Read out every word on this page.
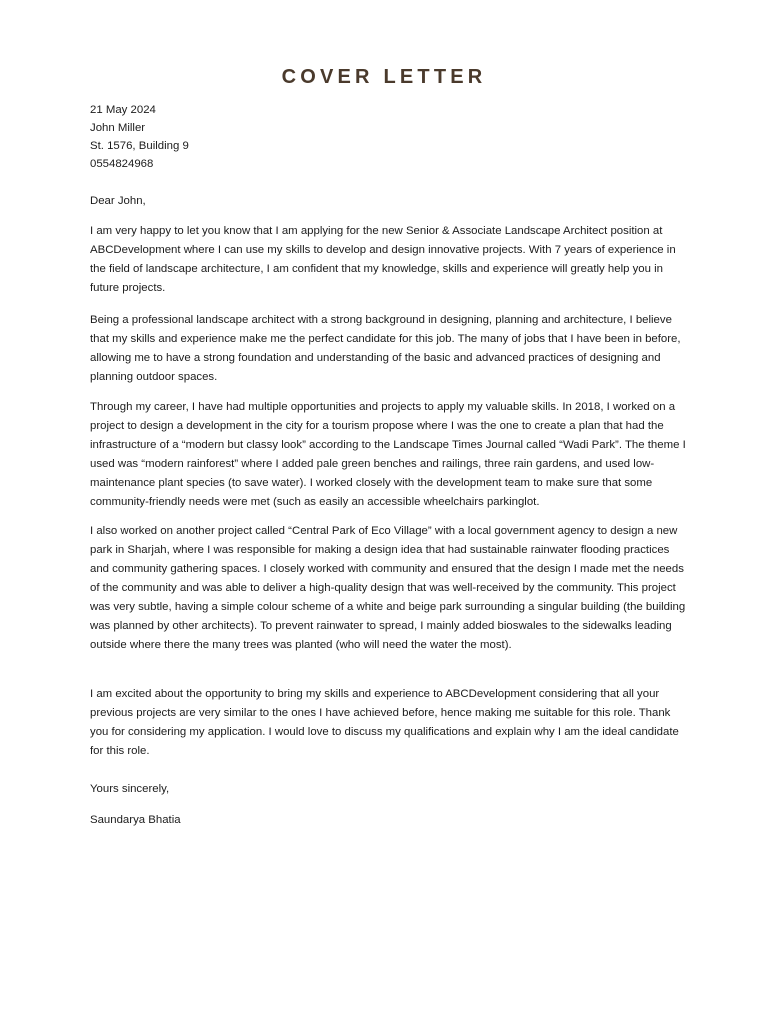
COVER LETTER
21 May 2024
John Miller
St. 1576, Building 9
0554824968
Dear John,

I am very happy to let you know that I am applying for the new Senior & Associate Landscape Architect position at ABCDevelopment where I can use my skills to develop and design innovative projects. With 7 years of experience in the field of landscape architecture, I am confident that my knowledge, skills and experience will greatly help you in future projects.

Being a professional landscape architect with a strong background in designing, planning and architecture, I believe that my skills and experience make me the perfect candidate for this job. The many of jobs that I have been in before, allowing me to have a strong foundation and understanding of the basic and advanced practices of designing and planning outdoor spaces.

Through my career, I have had multiple opportunities and projects to apply my valuable skills. In 2018, I worked on a project to design a development in the city for a tourism propose where I was the one to create a plan that had the infrastructure of a “modern but classy look” according to the Landscape Times Journal called “Wadi Park”. The theme I used was “modern rainforest” where I added pale green benches and railings, three rain gardens, and used low-maintenance plant species (to save water). I worked closely with the development team to make sure that some community-friendly needs were met (such as easily an accessible wheelchairs parkinglot.

I also worked on another project called “Central Park of Eco Village” with a local government agency to design a new park in Sharjah, where I was responsible for making a design idea that had sustainable rainwater flooding practices and community gathering spaces. I closely worked with community and ensured that the design I made met the needs of the community and was able to deliver a high-quality design that was well-received by the community. This project was very subtle, having a simple colour scheme of a white and beige park surrounding a singular building (the building was planned by other architects). To prevent rainwater to spread, I mainly added bioswales to the sidewalks leading outside where there the many trees was planted (who will need the water the most).

I am excited about the opportunity to bring my skills and experience to ABCDevelopment considering that all your previous projects are very similar to the ones I have achieved before, hence making me suitable for this role. Thank you for considering my application. I would love to discuss my qualifications and explain why I am the ideal candidate for this role.

Yours sincerely,
Saundarya Bhatia
